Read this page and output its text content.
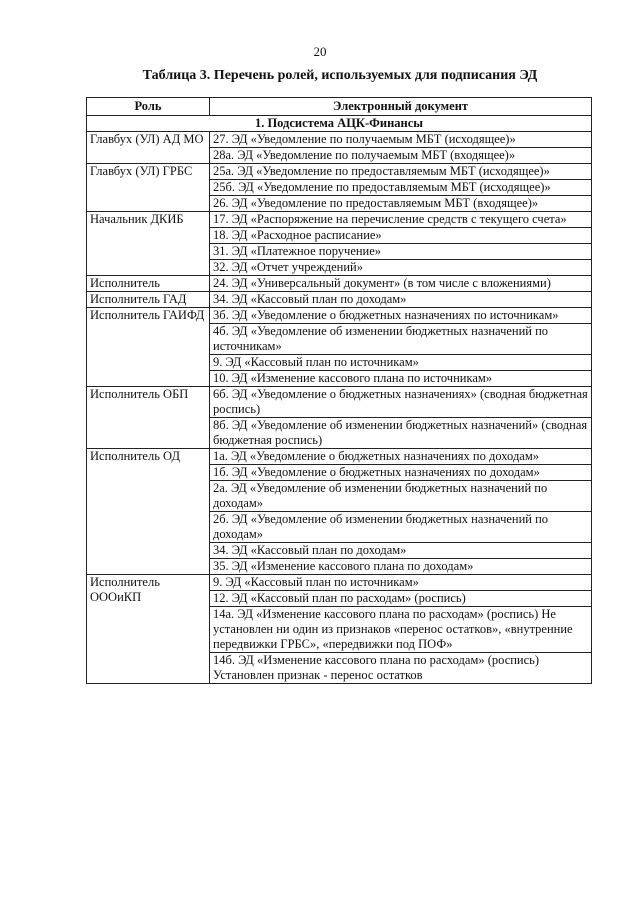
20
Таблица 3. Перечень ролей, используемых для подписания ЭД
Роль	Электронный документ
1. Подсистема АЦК-Финансы	
Главбух (УЛ) АД МО	27. ЭД «Уведомление по получаемым МБТ (исходящее)»
	28а. ЭД «Уведомление по получаемым МБТ (входящее)»
Главбух (УЛ) ГРБС	25а. ЭД «Уведомление по предоставляемым МБТ (исходящее)»
	25б. ЭД «Уведомление по предоставляемым МБТ (исходящее)»
	26. ЭД «Уведомление по предоставляемым МБТ (входящее)»
Начальник ДКИБ	17. ЭД «Распоряжение на перечисление средств с текущего счета»
	18. ЭД «Расходное расписание»
	31. ЭД «Платежное поручение»
	32. ЭД «Отчет учреждений»
Исполнитель	24. ЭД «Универсальный документ» (в том числе с вложениями)
Исполнитель ГАД	34. ЭД «Кассовый план по доходам»
Исполнитель ГАИФД	3б. ЭД «Уведомление о бюджетных назначениях по источникам»
	4б. ЭД «Уведомление об изменении бюджетных назначений по источникам»
	9. ЭД «Кассовый план по источникам»
	10. ЭД «Изменение кассового плана по источникам»
Исполнитель ОБП	6б. ЭД «Уведомление о бюджетных назначениях» (сводная бюджетная роспись)
	8б. ЭД «Уведомление об изменении бюджетных назначений» (сводная бюджетная роспись)
Исполнитель ОД	1а. ЭД «Уведомление о бюджетных назначениях по доходам»
	1б. ЭД «Уведомление о бюджетных назначениях по доходам»
	2а. ЭД «Уведомление об изменении бюджетных назначений по доходам»
	2б. ЭД «Уведомление об изменении бюджетных назначений по доходам»
	34. ЭД «Кассовый план по доходам»
	35. ЭД «Изменение кассового плана по доходам»
Исполнитель ОООиКП	9. ЭД «Кассовый план по источникам»
	12. ЭД «Кассовый план по расходам» (роспись)
	14а. ЭД «Изменение кассового плана по расходам» (роспись) Не установлен ни один из признаков «перенос остатков», «внутренние передвижки ГРБС», «передвижки под ПОФ»
	14б. ЭД «Изменение кассового плана по расходам» (роспись) Установлен признак - перенос остатков
